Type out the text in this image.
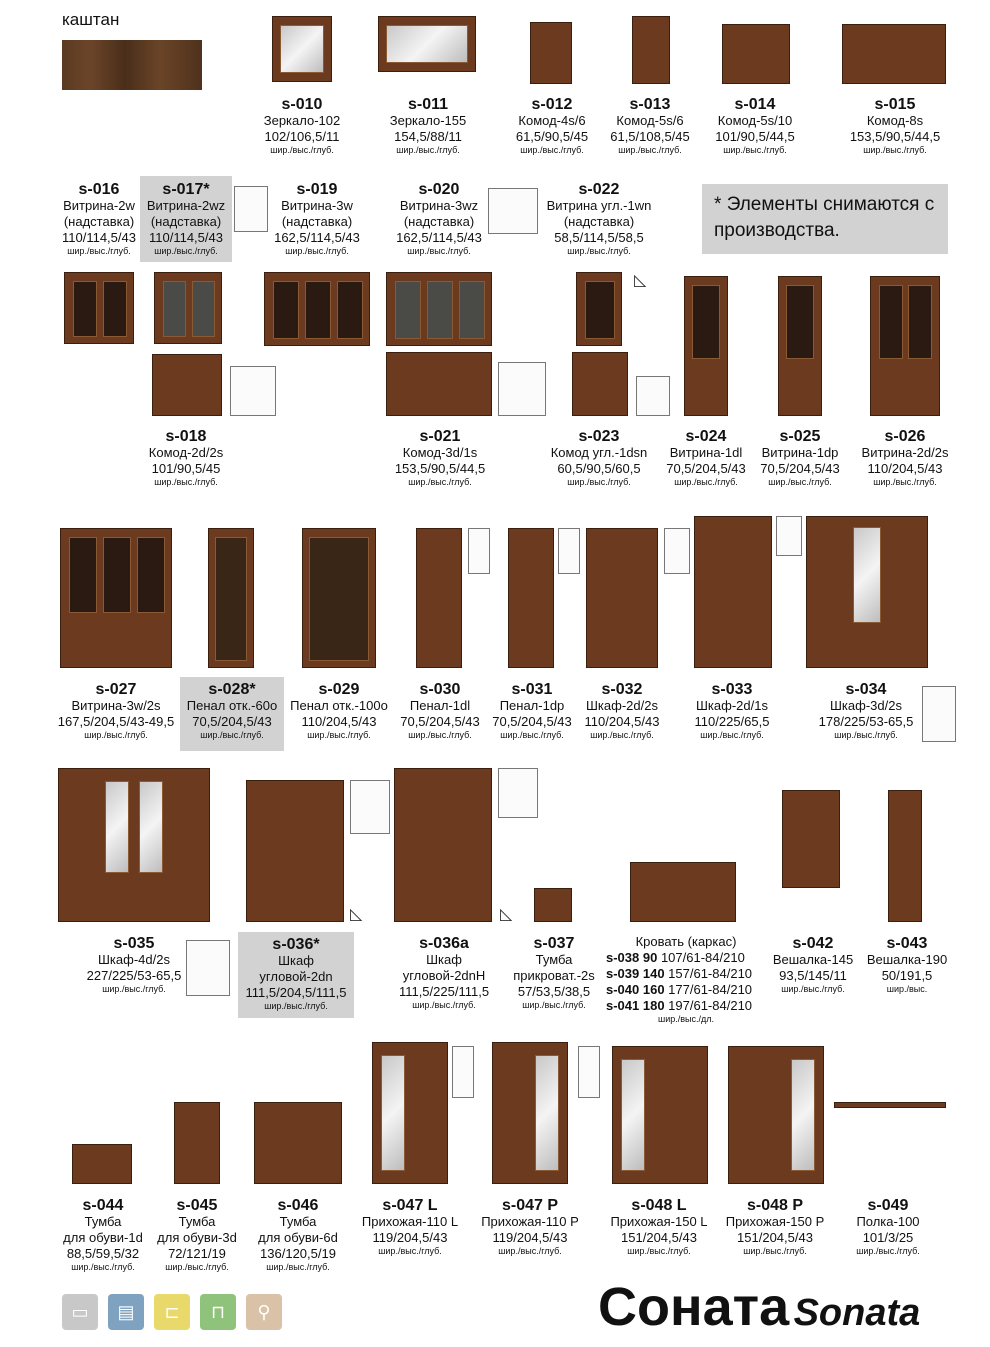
каштан
s-010
Зеркало-102
102/106,5/11
шир./выс./глуб.
s-011
Зеркало-155
154,5/88/11
шир./выс./глуб.
s-012
Комод-4s/6
61,5/90,5/45
шир./выс./глуб.
s-013
Комод-5s/6
61,5/108,5/45
шир./выс./глуб.
s-014
Комод-5s/10
101/90,5/44,5
шир./выс./глуб.
s-015
Комод-8s
153,5/90,5/44,5
шир./выс./глуб.
s-016
Витрина-2w
(надставка)
110/114,5/43
шир./выс./глуб.
s-017*
Витрина-2wz
(надставка)
110/114,5/43
шир./выс./глуб.
s-019
Витрина-3w
(надставка)
162,5/114,5/43
шир./выс./глуб.
s-020
Витрина-3wz
(надставка)
162,5/114,5/43
шир./выс./глуб.
s-022
Витрина угл.-1wn
(надставка)
58,5/114,5/58,5
шир./выс./глуб.
* Элементы снимаются с производства.
◺
s-018
Комод-2d/2s
101/90,5/45
шир./выс./глуб.
s-021
Комод-3d/1s
153,5/90,5/44,5
шир./выс./глуб.
s-023
Комод угл.-1dsn
60,5/90,5/60,5
шир./выс./глуб.
s-024
Витрина-1dl
70,5/204,5/43
шир./выс./глуб.
s-025
Витрина-1dp
70,5/204,5/43
шир./выс./глуб.
s-026
Витрина-2d/2s
110/204,5/43
шир./выс./глуб.
s-027
Витрина-3w/2s
167,5/204,5/43-49,5
шир./выс./глуб.
s-028*
Пенал отк.-60o
70,5/204,5/43
шир./выс./глуб.
s-029
Пенал отк.-100o
110/204,5/43
шир./выс./глуб.
s-030
Пенал-1dl
70,5/204,5/43
шир./выс./глуб.
s-031
Пенал-1dp
70,5/204,5/43
шир./выс./глуб.
s-032
Шкаф-2d/2s
110/204,5/43
шир./выс./глуб.
s-033
Шкаф-2d/1s
110/225/65,5
шир./выс./глуб.
s-034
Шкаф-3d/2s
178/225/53-65,5
шир./выс./глуб.
◺	◺
s-035
Шкаф-4d/2s
227/225/53-65,5
шир./выс./глуб.
s-036*
Шкаф
угловой-2dn
111,5/204,5/111,5
шир./выс./глуб.
s-036a
Шкаф
угловой-2dnH
111,5/225/111,5
шир./выс./глуб.
s-037
Тумба
прикроват.-2s
57/53,5/38,5
шир./выс./глуб.
Кровать (каркас)
s-038 90 107/61-84/210
s-039 140 157/61-84/210
s-040 160 177/61-84/210
s-041 180 197/61-84/210
шир./выс./дл.
s-042
Вешалка-145
93,5/145/11
шир./выс./глуб.
s-043
Вешалка-190
50/191,5
шир./выс.
s-044
Тумба
для обуви-1d
88,5/59,5/32
шир./выс./глуб.
s-045
Тумба
для обуви-3d
72/121/19
шир./выс./глуб.
s-046
Тумба
для обуви-6d
136/120,5/19
шир./выс./глуб.
s-047 L
Прихожая-110 L
119/204,5/43
шир./выс./глуб.
s-047 P
Прихожая-110 P
119/204,5/43
шир./выс./глуб.
s-048 L
Прихожая-150 L
151/204,5/43
шир./выс./глуб.
s-048 P
Прихожая-150 P
151/204,5/43
шир./выс./глуб.
s-049
Полка-100
101/3/25
шир./выс./глуб.
▭	▤	⊏	⊓	⚲	Соната Sonata
